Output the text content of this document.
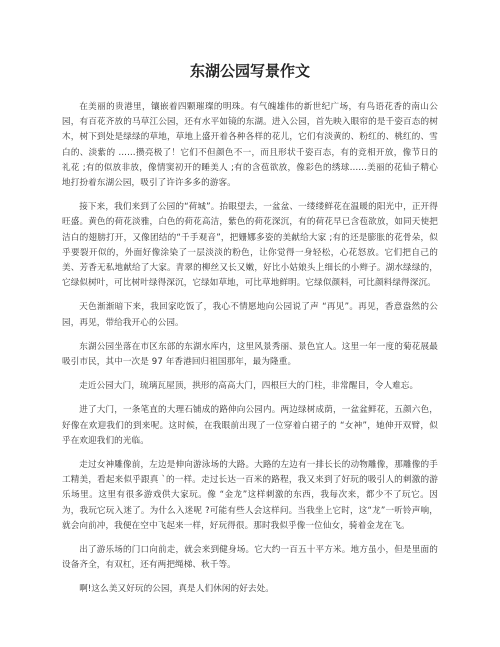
东湖公园写景作文

在美丽的贵港里，镶嵌着四颗璀璨的明珠。有气魄雄伟的新世纪广场，有鸟语花香的南山公园，有百花齐放的马草江公园，还有水平如镜的东湖。进入公园，首先映入眼帘的是千姿百态的树木，树下到处是绿绿的草地，草地上盛开着各种各样的花儿，它们有淡黄的、粉红的、桃红的、雪白的、淡紫的 ……攒亮极了！它们不但颜色不一，而且形状千姿百态，有的竞相开放，像节日的礼花 ;有的似放非放，像情窦初开的睡美人 ;有的含苞欲放，像彩色的绣球……美丽的花仙子精心地打扮着东湖公园，吸引了许许多多的游客。

接下来，我们来到了公园的“荷城”。抬眼望去，一盆盆、一缕缕鲜花在温暖的阳光中，正开得旺盛。黄色的荷花淡雅，白色的荷花高洁，紫色的荷花深沉，有的荷花早已含苞欲放，如同天使把洁白的翅膀打开，又像团结的“千手观音”，把姗娜多姿的美献给大家 ;有的还是膨胀的花骨朵，似乎要裂开似的，外面好像涂染了一层淡淡的粉色，让你觉得一身轻松，心花怒放。它们把自己的美、芳香无私地献给了大家。青翠的柳丝又长又嫩，好比小姑娘头上细长的小辫子。湖水绿绿的，它绿似树叶，可比树叶绿得深沉，它绿如草地，可比草地鲜明。它绿似颜料，可比颜料绿得深沉。

天色渐渐暗下来，我回家吃饭了，我心不情愿地向公园说了声 “再见”。再见，香意盎然的公园，再见，带给我开心的公园。

东湖公园坐落在市区东部的东湖水库内，这里风景秀丽、景色宜人。这里一年一度的菊花展最吸引市民，其中一次是 97 年香港回归祖国那年，最为隆重。

走近公园大门，琉璃瓦屋顶，拱形的高高大门，四根巨大的门柱，非常醒目，令人难忘。

进了大门，一条笔直的大理石铺成的路伸向公园内。两边绿树成荫，一盆盆鲜花，五颜六色，好像在欢迎我们的到来呢。这时候，在我眼前出现了一位穿着白裙子的 “女神”，她伸开双臂，似乎在欢迎我们的光临。

走过女神雕像前，左边是伸向游泳场的大路。大路的左边有一排长长的动物雕像，那雕像的手工精美，看起来似乎跟真 `的一样。走过长达一百米的路程，我又来到了好玩的吸引人的刺激的游乐场里。这里有很多游戏供大家玩。像 “金龙”这样刺激的东西，我每次来，都少不了玩它。因为，我玩它玩入迷了。为什么入迷呢 ?可能有些人会这样问。当我坐上它时，这“龙”一听铃声响，就会向前冲，我便在空中飞起来一样，好玩得很。那时我似乎像一位仙女，骑着金龙在飞。

出了游乐场的门口向前走，就会来到健身场。它大约一百五十平方米。地方虽小，但是里面的设备齐全，有双杠，还有两把绳梯、秋千等。

啊!这么美又好玩的公园，真是人们休闲的好去处。
